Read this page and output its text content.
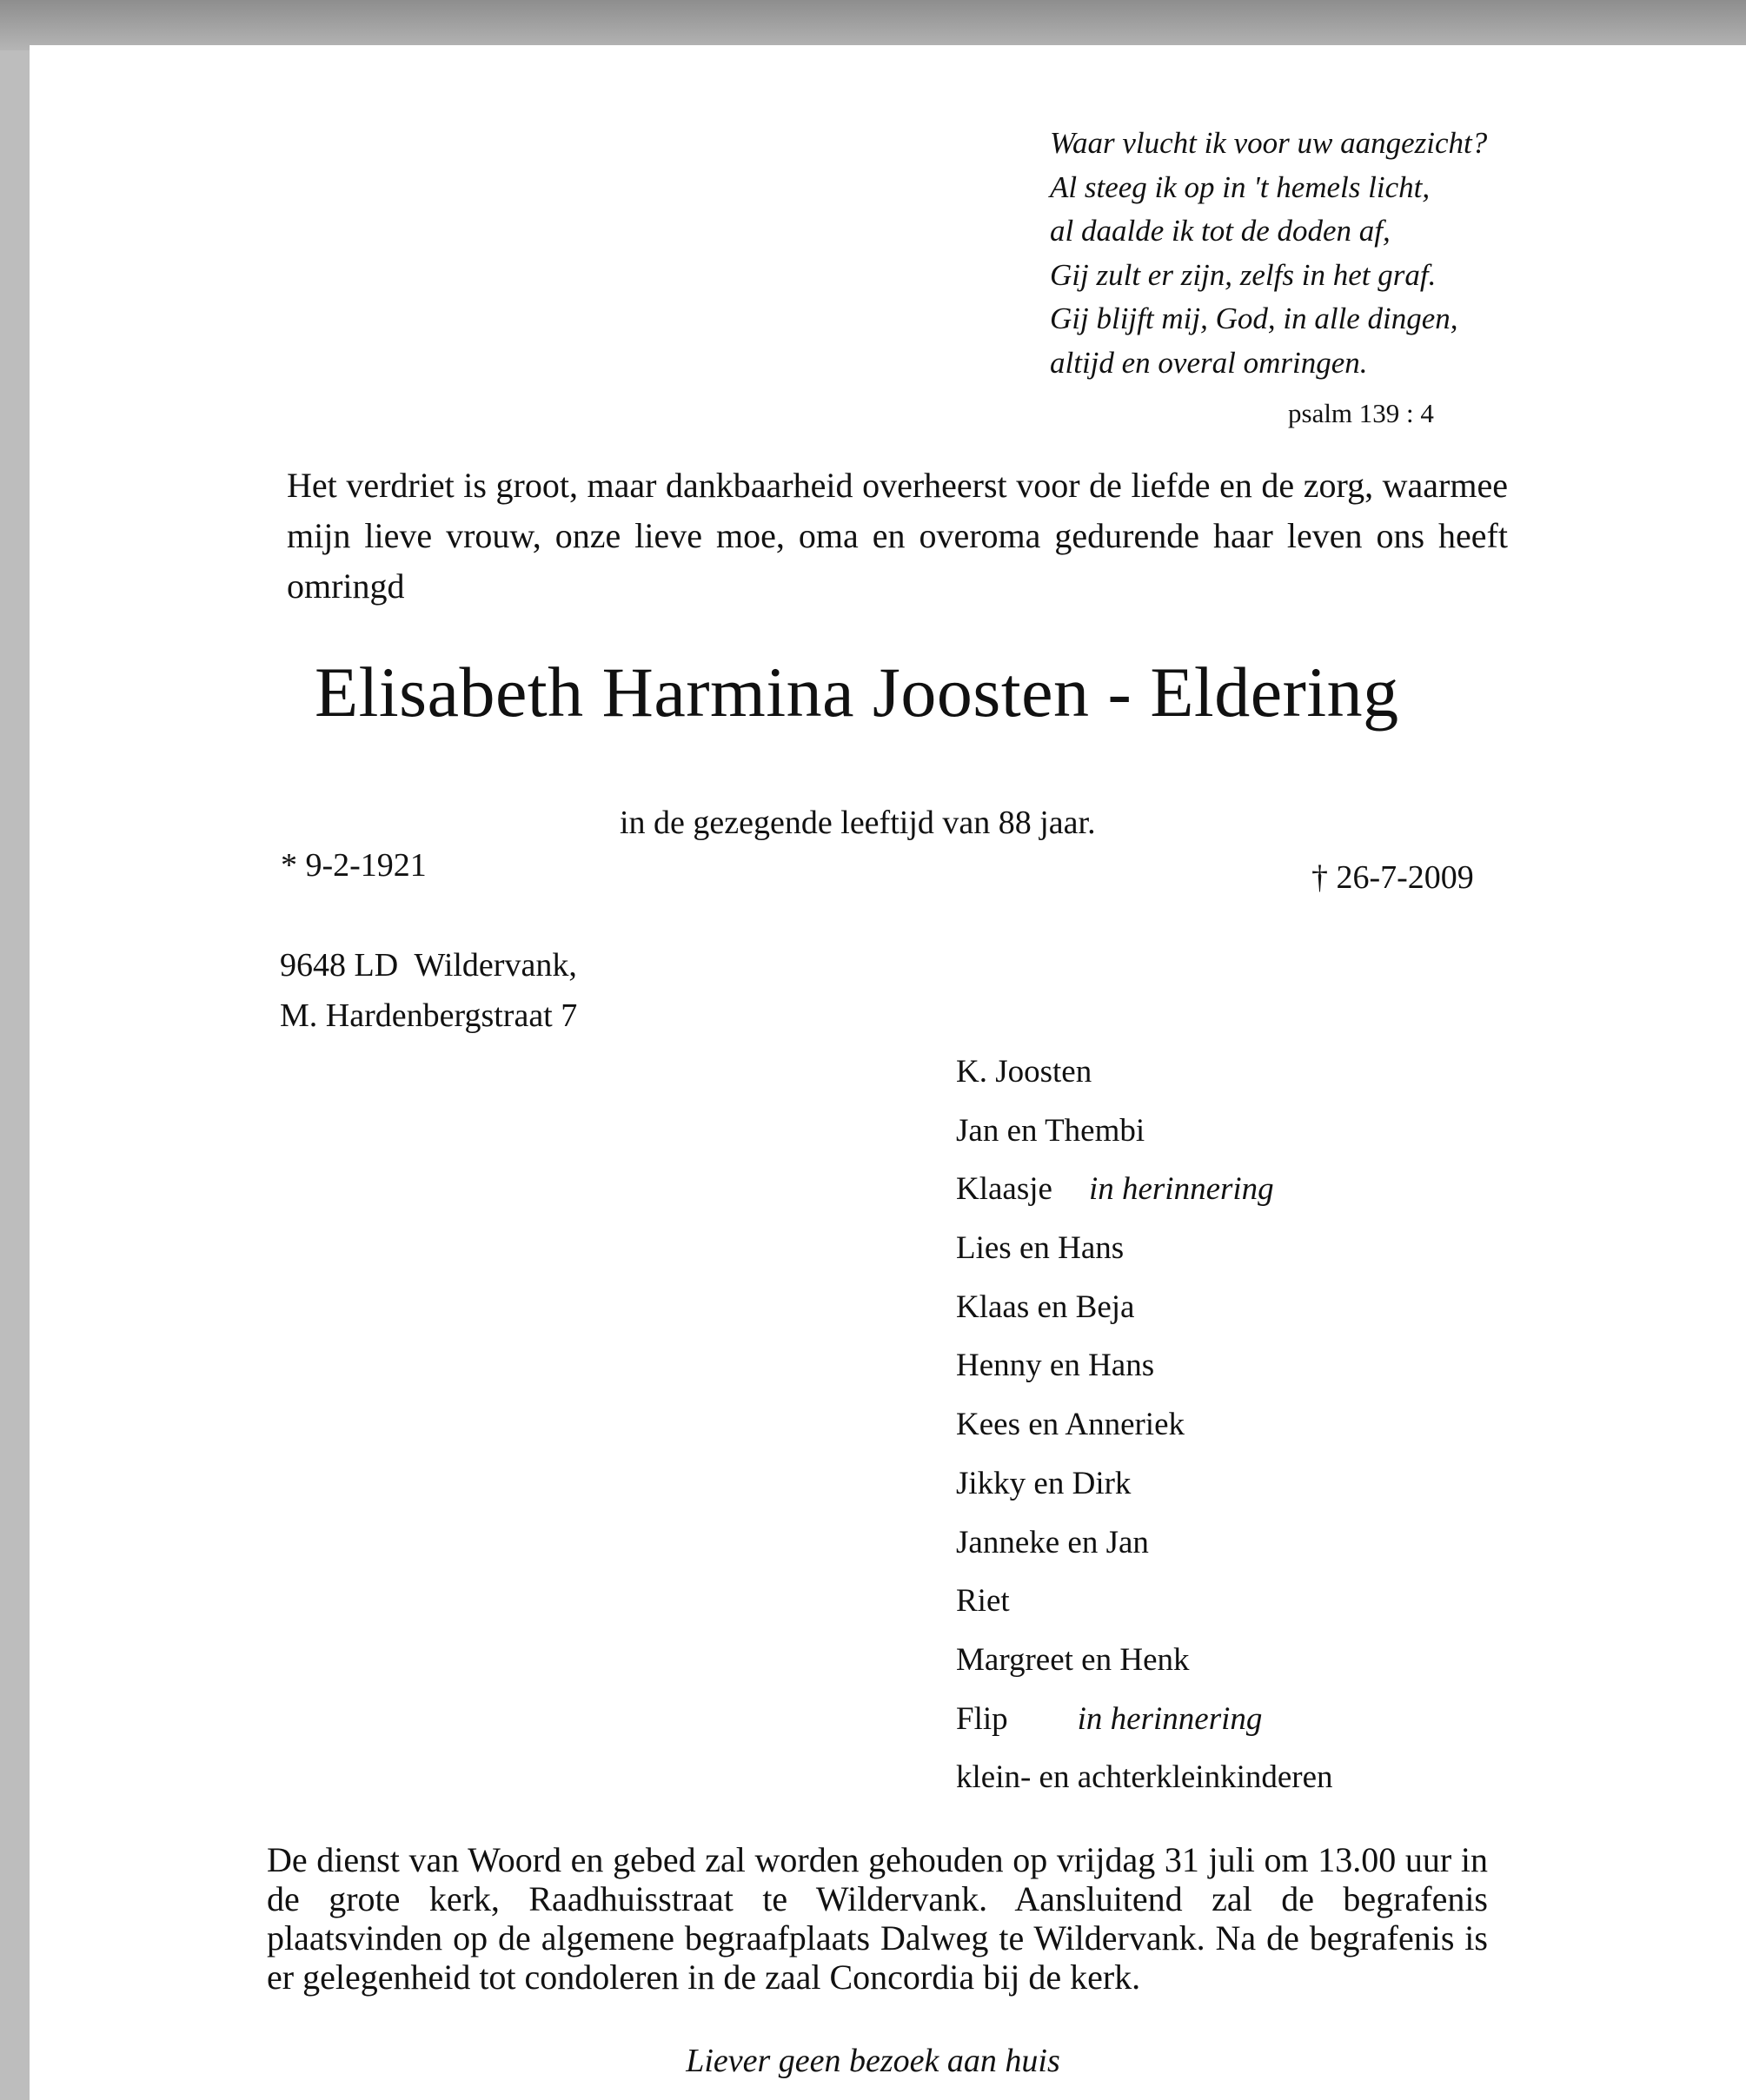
Waar vlucht ik voor uw aangezicht?
Al steeg ik op in 't hemels licht,
al daalde ik tot de doden af,
Gij zult er zijn, zelfs in het graf.
Gij blijft mij, God, in alle dingen,
altijd en overal omringen.
psalm 139 : 4
Het verdriet is groot, maar dankbaarheid overheerst voor de liefde en de zorg, waarmee mijn lieve vrouw, onze lieve moe, oma en overoma gedurende haar leven ons heeft omringd
Elisabeth Harmina Joosten - Eldering
in de gezegende leeftijd van 88 jaar.
* 9-2-1921	† 26-7-2009
9648 LD  Wildervank,
M. Hardenbergstraat 7
K. Joosten
Jan en Thembi
Klaasje in herinnering
Lies en Hans
Klaas en Beja
Henny en Hans
Kees en Anneriek
Jikky en Dirk
Janneke en Jan
Riet
Margreet en Henk
Flip in herinnering
klein- en achterkleinkinderen
De dienst van Woord en gebed zal worden gehouden op vrijdag 31 juli om 13.00 uur in de grote kerk, Raadhuisstraat te Wildervank. Aansluitend zal de begrafenis plaatsvinden op de algemene begraafplaats Dalweg te Wildervank. Na de begrafenis is er gelegenheid tot condoleren in de zaal Concordia bij de kerk.
Liever geen bezoek aan huis
